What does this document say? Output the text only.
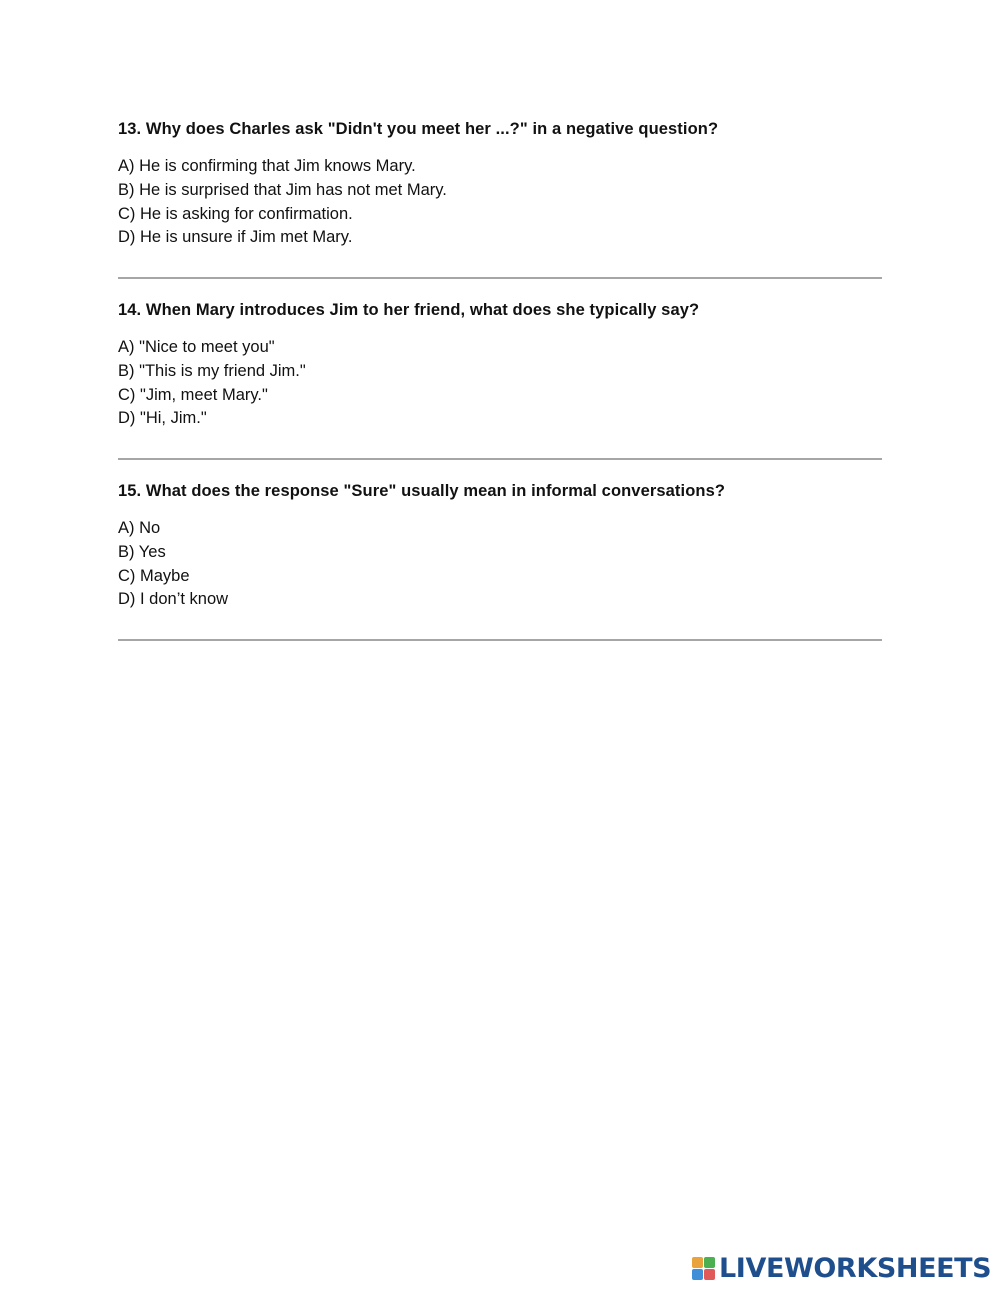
13. Why does Charles ask "Didn't you meet her ...?" in a negative question?

A) He is confirming that Jim knows Mary.
B) He is surprised that Jim has not met Mary.
C) He is asking for confirmation.
D) He is unsure if Jim met Mary.

14. When Mary introduces Jim to her friend, what does she typically say?

A) "Nice to meet you"
B) "This is my friend Jim."
C) "Jim, meet Mary."
D) "Hi, Jim."

15. What does the response "Sure" usually mean in informal conversations?

A) No
B) Yes
C) Maybe
D) I don’t know
LIVEWORKSHEETS
